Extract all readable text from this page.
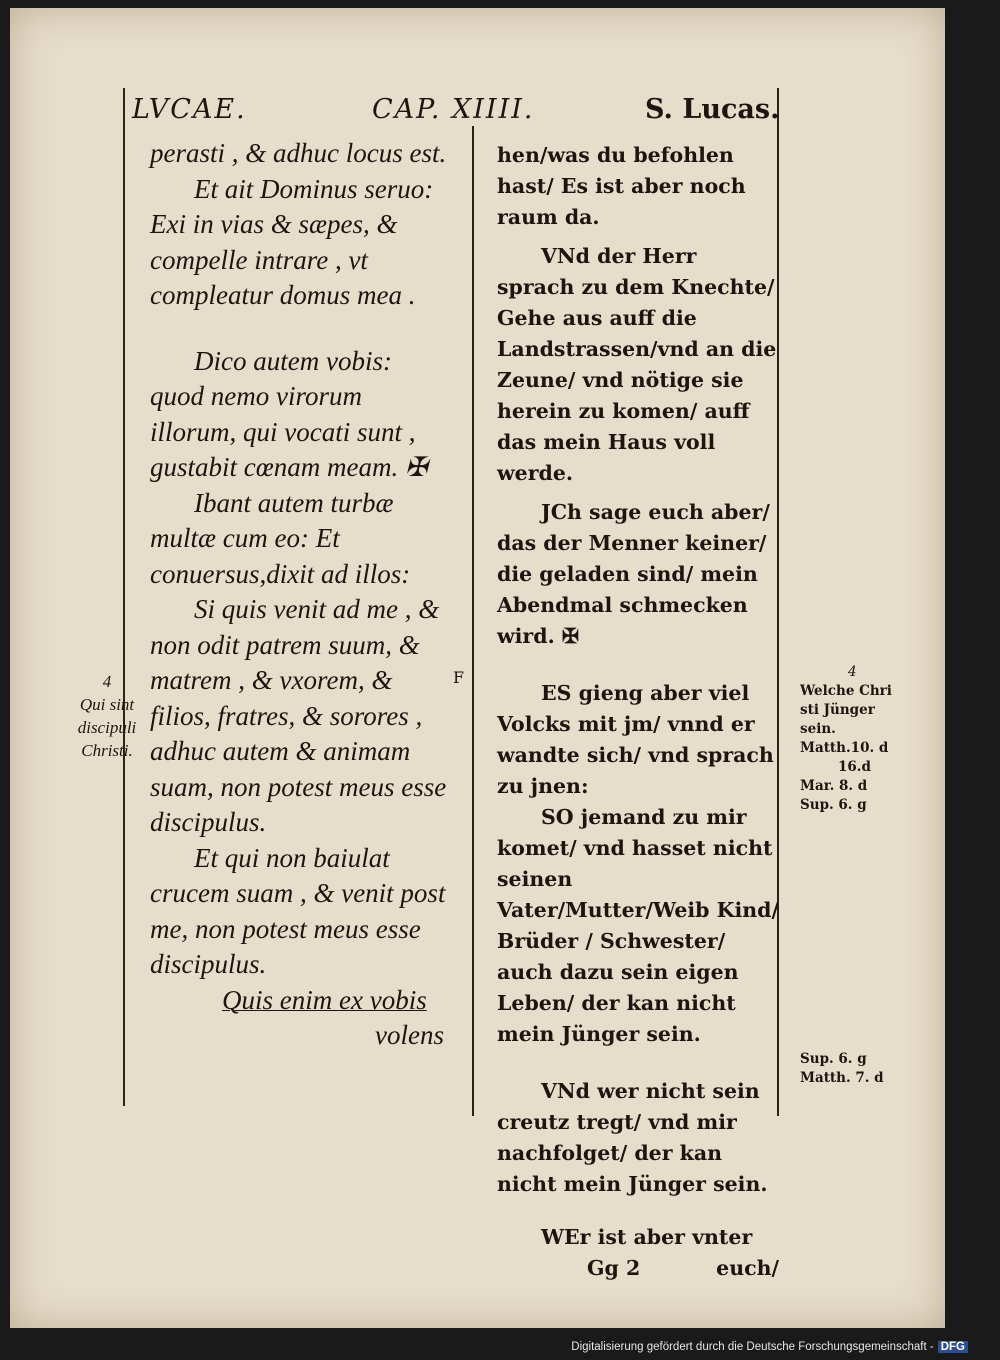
LVCAE.	CAP. XIIII.	S. Lucas.

perasti , & adhuc locus est.

Et ait Dominus seruo: Exi in vias & sæpes, & compelle intrare , vt compleatur domus mea .

Dico autem vobis: quod nemo virorum illorum, qui vocati sunt , gustabit cœnam meam. ✠

Ibant autem turbæ multæ cum eo: Et conuersus,dixit ad illos:

Si quis venit ad me , & non odit patrem suum, & matrem , & vxorem, & filios, fratres, & sorores , adhuc autem & animam suam, non potest meus esse discipulus.

Et qui non baiulat crucem suam , & venit post me, non potest meus esse discipulus.

Quis enim ex vobis

volens

F

hen/was du befohlen hast/ Es ist aber noch raum da.

VNd der Herr sprach zu dem Knechte/ Gehe aus auff die Landstrassen/vnd an die Zeune/ vnd nötige sie herein zu komen/ auff das mein Haus voll werde.

JCh sage euch aber/ das der Menner keiner/ die geladen sind/ mein Abendmal schmecken wird. ✠

ES gieng aber viel Volcks mit jm/ vnnd er wandte sich/ vnd sprach zu jnen:

SO jemand zu mir komet/ vnd hasset nicht seinen Vater/Mutter/Weib Kind/ Brüder / Schwester/ auch dazu sein eigen Leben/ der kan nicht mein Jünger sein.

VNd wer nicht sein creutz tregt/ vnd mir nachfolget/ der kan nicht mein Jünger sein.

WEr ist aber vnter

Gg 2	euch/
4
Qui sint discipuli Christi.
4
Welche Chri
sti Jünger
sein.
Matth.10. d
16.d
Mar. 8. d
Sup. 6. g
Sup. 6. g
Matth. 7. d
Digitalisierung gefördert durch die Deutsche Forschungsgemeinschaft - DFG
